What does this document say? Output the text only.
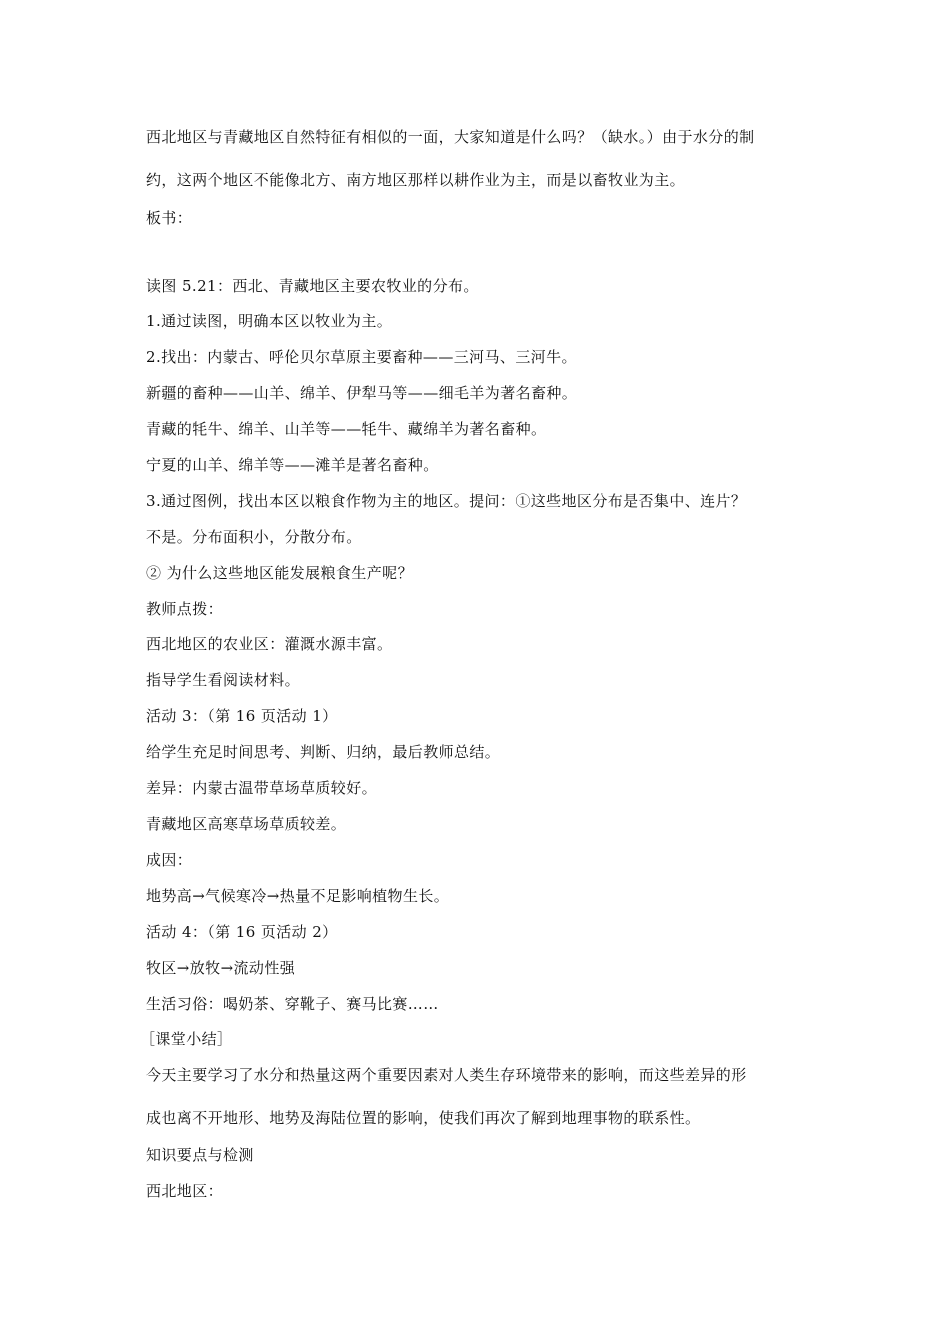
西北地区与青藏地区自然特征有相似的一面，大家知道是什么吗？（缺水。）由于水分的制
约，这两个地区不能像北方、南方地区那样以耕作业为主，而是以畜牧业为主。
板书：
读图 5.21：西北、青藏地区主要农牧业的分布。
1.通过读图，明确本区以牧业为主。
2.找出：内蒙古、呼伦贝尔草原主要畜种——三河马、三河牛。
新疆的畜种——山羊、绵羊、伊犁马等——细毛羊为著名畜种。
青藏的牦牛、绵羊、山羊等——牦牛、藏绵羊为著名畜种。
宁夏的山羊、绵羊等——滩羊是著名畜种。
3.通过图例，找出本区以粮食作物为主的地区。提问：①这些地区分布是否集中、连片？
不是。分布面积小，分散分布。
② 为什么这些地区能发展粮食生产呢？
教师点拨：
西北地区的农业区：灌溉水源丰富。
指导学生看阅读材料。
活动 3：（第 16 页活动 1）
给学生充足时间思考、判断、归纳，最后教师总结。
差异：内蒙古温带草场草质较好。
青藏地区高寒草场草质较差。
成因：
地势高→气候寒冷→热量不足影响植物生长。
活动 4：（第 16 页活动 2）
牧区→放牧→流动性强
生活习俗：喝奶茶、穿靴子、赛马比赛……
［课堂小结］
今天主要学习了水分和热量这两个重要因素对人类生存环境带来的影响，而这些差异的形
成也离不开地形、地势及海陆位置的影响，使我们再次了解到地理事物的联系性。
知识要点与检测
西北地区：
